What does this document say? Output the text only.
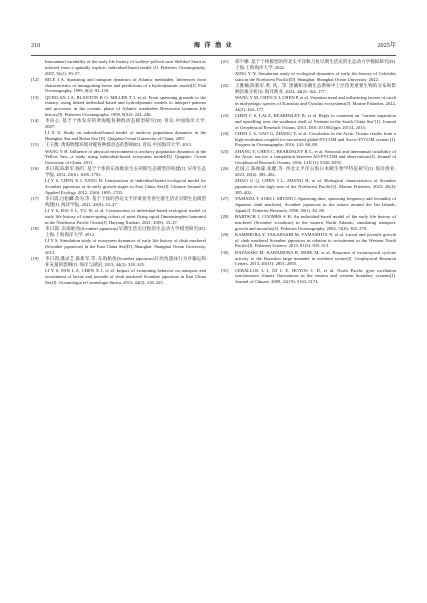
210	海 洋 渔 业	2025年
Interannual variability of the early life history of walleye pollock near Shelikof Strait as inferred from a spatially explicit, individual-based model [J]. Fisheries Oceanography, 2007, 5(s1): 39–57.
[12] RICE J A. Spawning and transport dynamics of Atlantic menhaden. Inferences from characteristics of immigrating larvae and predictions of a hydrodynamic model[J]. Fish Oceanography, 1999, 8(2): 93–110.
[13] QUINLAN J A, BLANTON B O, MILLER T J, et al. From spawning grounds to the estuary: using linked individual-based and hydrodynamic models to interpret patterns and processes in the oceanic phase of Atlantic menhaden Brevoortia tyrannus life history[J]. Fisheries Oceanography, 1999, 8(S2): 224–246.
[14] 李向心. 基于个体发育的黄海鳀鱼种群动态模型研究[D]. 青岛:中国海洋大学, 2007.
LI X X. Study on individual-based model of anchovy population dynamics in the Huanghai Sea and Bohai Sea [D]. Qingdao:Ocean University of China, 2007.
[15] 王玉衡. 黄海物理环境对鳀鱼种群动态的影响[D]. 青岛:中国海洋大学, 2011.
WANG Y H. Influence of physical environment to anchovy population dynamics in the Yellow Sea—a study using individual-based ecosystem model[D]. Qingdao: Ocean University of China, 2011.
[16] 李曰嵩,陈新军,杨红. 基于个体的东海鲐鱼生长初期生态模型的构建[J]. 应用生态学报, 2012, 23(6): 1695–1703.
LI Y S, CHEN X J, YANG H. Construction of individual-based ecological model for Scomber japonicus at its early growth stages in East China Sea[J]. Chinese Journal of Applied Ecology, 2012, 23(6): 1695–1703.
[17] 李曰嵩,白松麟,余为,等. 基于个体的西北太平洋柔鱼冬春生群生活史早期生态模型构建[J]. 海洋学报, 2021, 43(9): 33–47.
LI Y S, BAI S L, YU W, et al. Construction of individual-based ecological model of early life history of winter-spring cohort of neon flying squid Ommastrephes bartramii in the Northwest Pacific Ocean[J]. Haiyang Xuebao, 2021, 43(9): 33–47.
[18] 李曰嵩. 东海鲐鱼(Scomber japonicus)早期生活史过程的生态动力学模型研究[D]. 上海:上海海洋大学, 2012.
LI Y S. Simulation study of ecosystem dynamics of early life history of chub mackerel (Scomber japonicus) in the East China Sea[D]. Shanghai: Shanghai Ocean University, 2012.
[19] 李曰嵩,潘灵芝,陈新军,等. 东海鲐鱼(Scomber japonicus)仔幼鱼游泳行为对输运和补充量的影响[J]. 海洋与湖沼, 2013, 44(2): 318–325.
LI Y S, PAN L Z, CHEN X J, et al. Impact of swimming behavior on transport and recruitment of larvae and juvenile of chub mackerel Scomber japonicus in East China Sea[J]. Oceanologia et Limnologia Sinica, 2013, 44(2): 318–325.
[21] 邢宇娜. 基于个体模型的西北太平洋秋刀鱼早期生活史的生态动力学模拟研究[D]. 上海:上海海洋大学, 2022.
XING Y N. Simulation study of ecological dynamics of early life history of Cololabis saira in the Northwest Pacific[D]. Shanghai: Shanghai Ocean University, 2022.
[22] 王雅楠,陈新军,黄. 风、等. 黑潮和亲潮生态系统中上层鱼类重要生物的分布和影响因素分析[J]. 海洋渔业, 2022, 44(2): 164–177.
WANG Y M, CHEN X J, CHEN P, et al. Variation trend and influencing factors of catch in mid-pelagic species of Kuroshio and Oyashio ecosystems[J]. Marine Fisheries, 2022, 44(2): 164–177.
[23] CHEN C S, LAI Z, BEARDSLEY R, et al. Reply to comment on "current separation and upwelling over the southeast shelf of Vietnam in the South China Sea"[J]. Journal of Geophysical Research Oceans, 2013, DOI:10.1002/jgrc.20114, 2013.
[24] CHEN C S, GAO G, ZHANG Y, et al. Circulation in the Arctic Ocean: results from a high-resolution coupled ice-sea nested global-FVCOM and Arctic-FVCOM system [J]. Progress in Oceanography, 2016, 141: 60–80.
[25] ZHANG Y, CHEN C, BEARDSLEY R C, et al. Seasonal and interannual variability of the Arctic sea ice: a comparison between AO-FVCOM and observations[J]. Journal of Geophysical Research Oceans, 2016, 121(11): 8320–8350.
[26] 赵国云,陈俊霖,张健,等. 西北太平洋公海日本鲭生物学特征研究[J]. 海洋渔业, 2023, 45(4): 385–402.
ZHAO G Q, CHEN J L, ZHANG H, et al. Biological characteristics of Scomber japonicus in the high seas of the Northwest Pacific[J]. Marine Fisheries, 2023, 45(4): 385–402.
[27] YAMADA T, AOKI I, MITANI I. Spawning time, spawning frequency and fecundity of Japanese chub mackerel, Scomber japonicus in the waters around the Izu Islands, Japan[J]. Fisheries Research, 1998, 38(1): 83–89.
[28] BARTSCH J, COOMBS S H. An individual-based model of the early life history of mackerel (Scomber scombrus) in the eastern North Atlantic, simulating transport, growth and mortality[J]. Fisheries Oceanography, 2004, 13(6): 365–379.
[29] KAMIMURA Y, TAKAHASHI M, YAMASHITA N, et al. Larval and juvenile growth of chub mackerel Scomber japonicus in relation to recruitment in the Western North Pacific[J]. Fisheries Science, 2015, 81(3): 505–513.
[30] HAYASAKI M, KAWAMURA R, MORI M, et al. Response of extratropical cyclone activity to the Kuroshio large meander in northern winter[J]. Geophysical Research Letters, 2013, 40(11): 2851–2855.
[31] CEBALLOS L I, DI L E, HOYOS C D, et al. North Pacific gyre oscillation synchronizes climate fluctuations in the eastern and western boundary systems[J]. Journal of Climate, 2009, 22(19): 5163–5174.
